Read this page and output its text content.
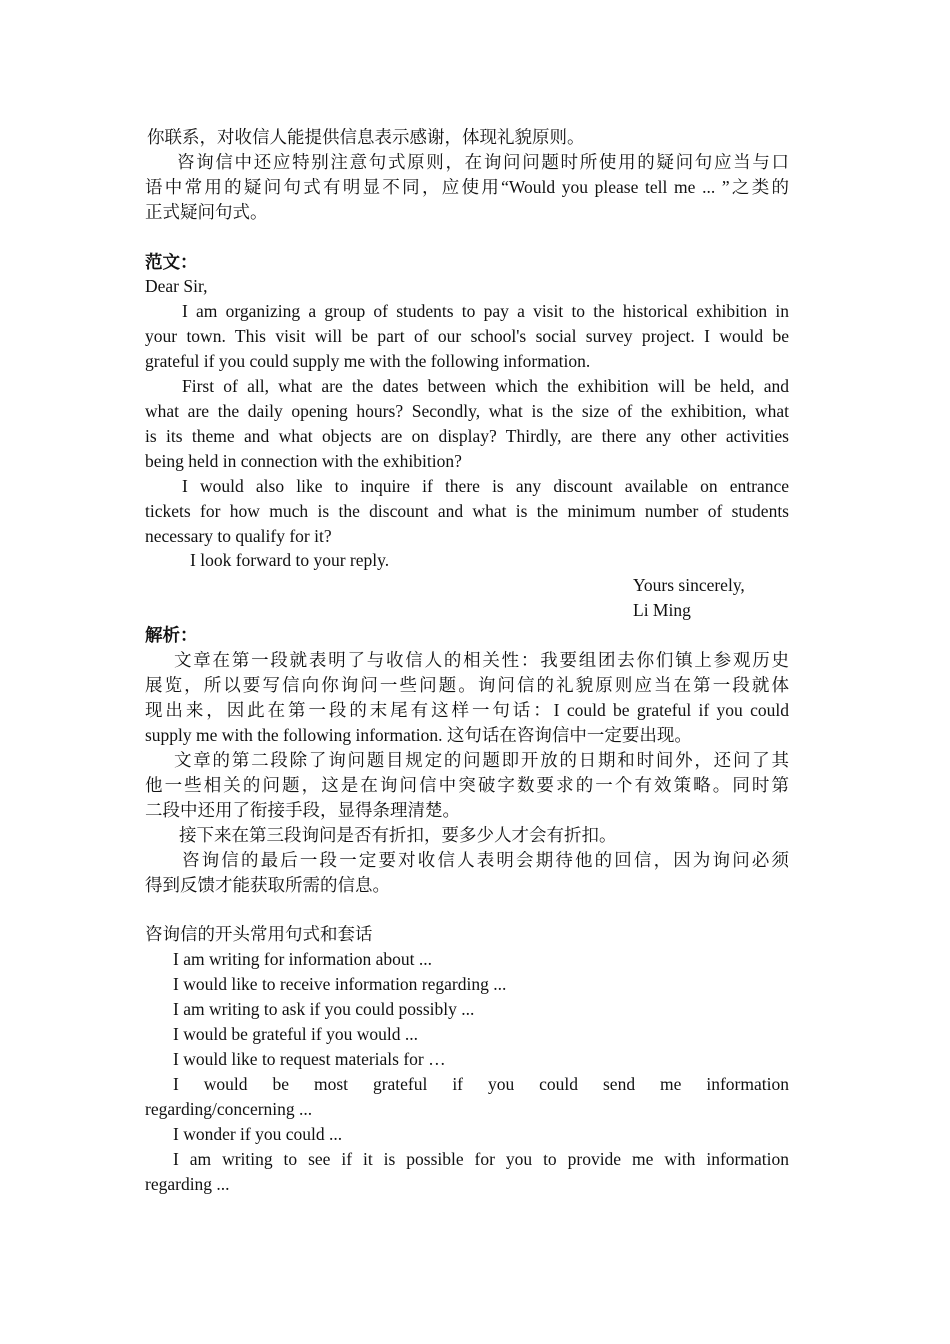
你联系，对收信人能提供信息表示感谢，体现礼貌原则。
咨询信中还应特别注意句式原则，在询问问题时所使用的疑问句应当与口
语中常用的疑问句式有明显不同，应使用“Would you please tell me ... ”之类的
正式疑问句式。
范文：
Dear Sir,
I am organizing a group of students to pay a visit to the historical exhibition in
your town. This visit will be part of our school's social survey project. I would be
grateful if you could supply me with the following information.
First of all, what are the dates between which the exhibition will be held, and
what are the daily opening hours? Secondly, what is the size of the exhibition, what
is its theme and what objects are on display? Thirdly, are there any other activities
being held in connection with the exhibition?
I would also like to inquire if there is any discount available on entrance
tickets for how much is the discount and what is the minimum number of students
necessary to qualify for it?
I look forward to your reply.
Yours sincerely,
Li Ming
解析：
文章在第一段就表明了与收信人的相关性：我要组团去你们镇上参观历史
展览，所以要写信向你询问一些问题。询问信的礼貌原则应当在第一段就体
现出来，因此在第一段的末尾有这样一句话：I could be grateful if you could
supply me with the following information. 这句话在咨询信中一定要出现。
文章的第二段除了询问题目规定的问题即开放的日期和时间外，还问了其
他一些相关的问题，这是在询问信中突破字数要求的一个有效策略。同时第
二段中还用了衔接手段，显得条理清楚。
接下来在第三段询问是否有折扣，要多少人才会有折扣。
咨询信的最后一段一定要对收信人表明会期待他的回信，因为询问必须
得到反馈才能获取所需的信息。
咨询信的开头常用句式和套话
I am writing for information about ...
I would like to receive information regarding ...
I am writing to ask if you could possibly ...
I would be grateful if you would ...
I would like to request materials for …
I would be most grateful if you could send me information
regarding/concerning ...
I wonder if you could ...
I am writing to see if it is possible for you to provide me with information
regarding ...
